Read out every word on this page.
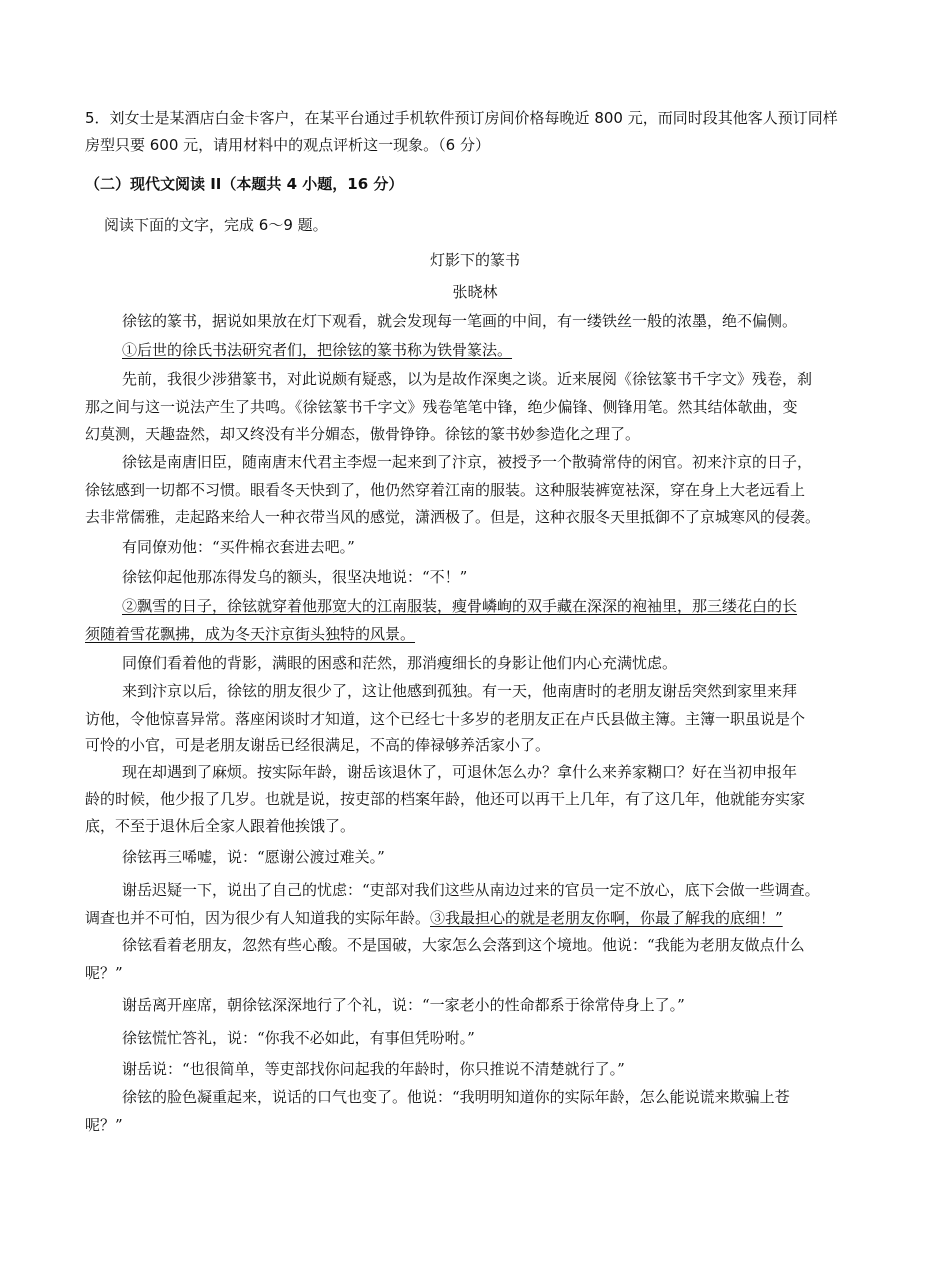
5．刘女士是某酒店白金卡客户，在某平台通过手机软件预订房间价格每晚近 800 元，而同时段其他客人预订同样
房型只要 600 元，请用材料中的观点评析这一现象。（6 分）
（二）现代文阅读 II（本题共 4 小题，16 分）
阅读下面的文字，完成 6～9 题。
灯影下的篆书
张晓林
徐铉的篆书，据说如果放在灯下观看，就会发现每一笔画的中间，有一缕铁丝一般的浓墨，绝不偏侧。
①后世的徐氏书法研究者们，把徐铉的篆书称为铁骨篆法。
先前，我很少涉猎篆书，对此说颇有疑惑，以为是故作深奥之谈。近来展阅《徐铉篆书千字文》残卷，刹
那之间与这一说法产生了共鸣。《徐铉篆书千字文》残卷笔笔中锋，绝少偏锋、侧锋用笔。然其结体欹曲，变
幻莫测，天趣盎然，却又终没有半分媚态，傲骨铮铮。徐铉的篆书妙参造化之理了。
徐铉是南唐旧臣，随南唐末代君主李煜一起来到了汴京，被授予一个散骑常侍的闲官。初来汴京的日子，
徐铉感到一切都不习惯。眼看冬天快到了，他仍然穿着江南的服装。这种服装裤宽袪深，穿在身上大老远看上
去非常儒雅，走起路来给人一种衣带当风的感觉，潇洒极了。但是，这种衣服冬天里抵御不了京城寒风的侵袭。
有同僚劝他：“买件棉衣套进去吧。”
徐铉仰起他那冻得发乌的额头，很坚决地说：“不！”
②飘雪的日子，徐铉就穿着他那宽大的江南服装，瘦骨嶙峋的双手藏在深深的袍袖里，那三缕花白的长
须随着雪花飘拂，成为冬天汴京街头独特的风景。
同僚们看着他的背影，满眼的困惑和茫然，那消瘦细长的身影让他们内心充满忧虑。
来到汴京以后，徐铉的朋友很少了，这让他感到孤独。有一天，他南唐时的老朋友谢岳突然到家里来拜
访他，令他惊喜异常。落座闲谈时才知道，这个已经七十多岁的老朋友正在卢氏县做主簿。主簿一职虽说是个
可怜的小官，可是老朋友谢岳已经很满足，不高的俸禄够养活家小了。
现在却遇到了麻烦。按实际年龄，谢岳该退休了，可退休怎么办？拿什么来养家糊口？好在当初申报年
龄的时候，他少报了几岁。也就是说，按吏部的档案年龄，他还可以再干上几年，有了这几年，他就能夯实家
底，不至于退休后全家人跟着他挨饿了。
徐铉再三唏嘘，说：“愿谢公渡过难关。”
谢岳迟疑一下，说出了自己的忧虑：“吏部对我们这些从南边过来的官员一定不放心，底下会做一些调查。
调查也并不可怕，因为很少有人知道我的实际年龄。③我最担心的就是老朋友你啊，你最了解我的底细！”
徐铉看着老朋友，忽然有些心酸。不是国破，大家怎么会落到这个境地。他说：“我能为老朋友做点什么
呢？”
谢岳离开座席，朝徐铉深深地行了个礼，说：“一家老小的性命都系于徐常侍身上了。”
徐铉慌忙答礼，说：“你我不必如此，有事但凭吩咐。”
谢岳说：“也很简单，等吏部找你问起我的年龄时，你只推说不清楚就行了。”
徐铉的脸色凝重起来，说话的口气也变了。他说：“我明明知道你的实际年龄，怎么能说谎来欺骗上苍
呢？”
